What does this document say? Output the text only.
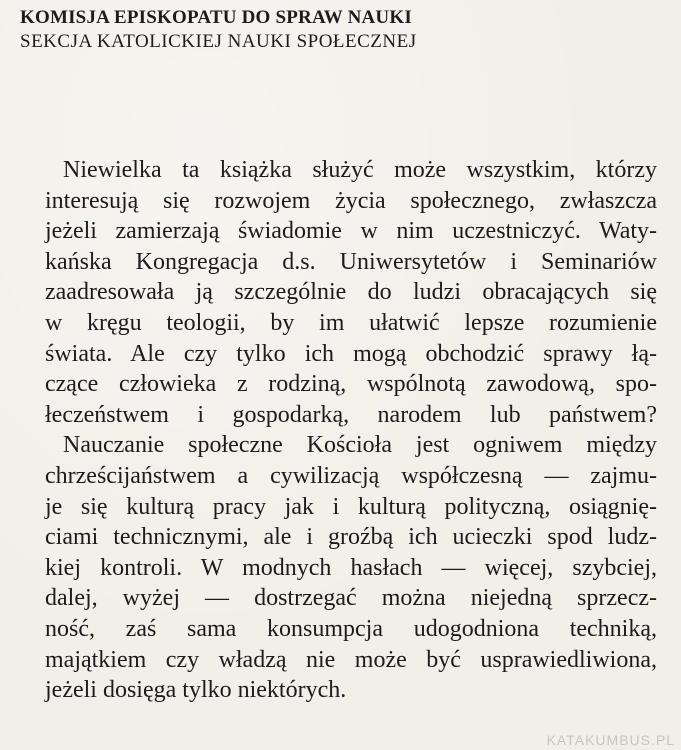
KOMISJA EPISKOPATU DO SPRAW NAUKI
SEKCJA KATOLICKIEJ NAUKI SPOŁECZNEJ
Niewielka ta książka służyć może wszystkim, którzy
interesują się rozwojem życia społecznego, zwłaszcza
jeżeli zamierzają świadomie w nim uczestniczyć. Waty-
kańska Kongregacja d.s. Uniwersytetów i Seminariów
zaadresowała ją szczególnie do ludzi obracających się
w kręgu teologii, by im ułatwić lepsze rozumienie
świata. Ale czy tylko ich mogą obchodzić sprawy łą-
czące człowieka z rodziną, wspólnotą zawodową, spo-
łeczeństwem i gospodarką, narodem lub państwem?
Nauczanie społeczne Kościoła jest ogniwem między
chrześcijaństwem a cywilizacją współczesną — zajmu-
je się kulturą pracy jak i kulturą polityczną, osiągnię-
ciami technicznymi, ale i groźbą ich ucieczki spod ludz-
kiej kontroli. W modnych hasłach — więcej, szybciej,
dalej, wyżej — dostrzegać można niejedną sprzecz-
ność, zaś sama konsumpcja udogodniona techniką,
majątkiem czy władzą nie może być usprawiedliwiona,
jeżeli dosięga tylko niektórych.
KATAKUMBUS.PL
